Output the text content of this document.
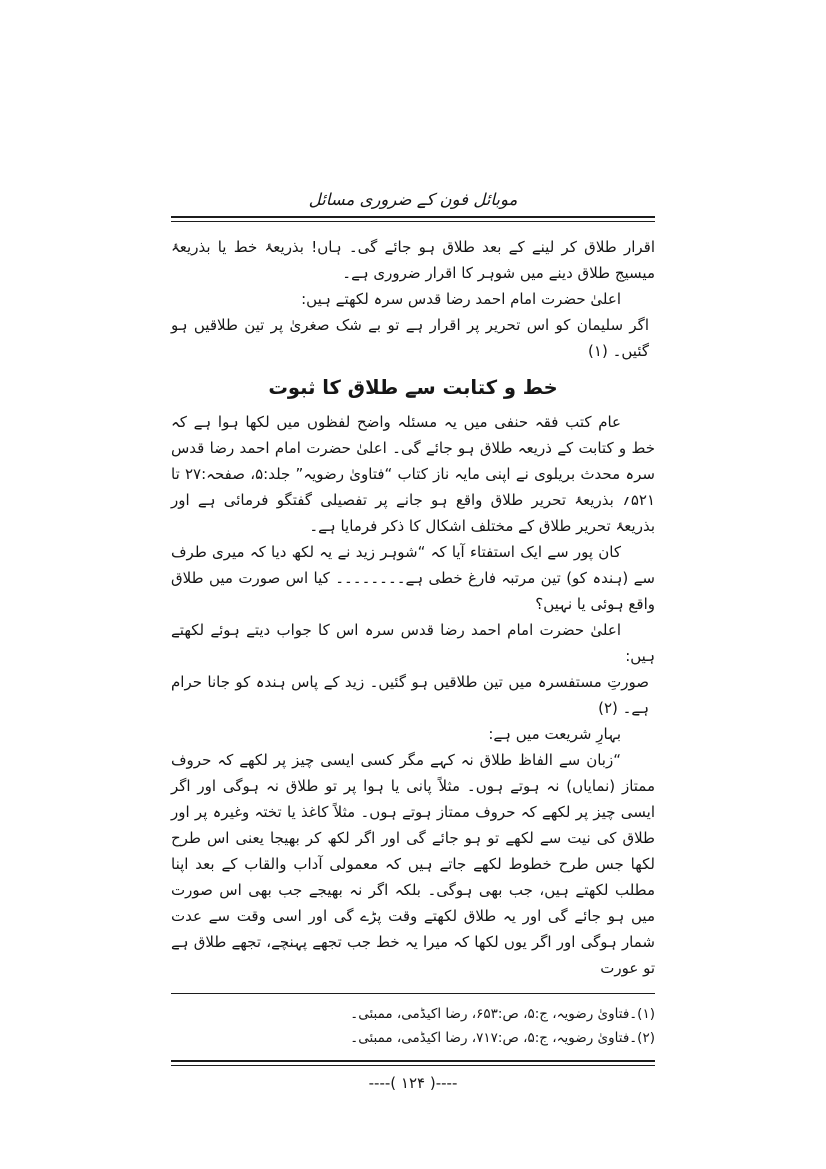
موبائل فون کے ضروری مسائل

اقرار طلاق کر لینے کے بعد طلاق ہو جائے گی۔ ہاں! بذریعۂ خط یا بذریعۂ میسیج طلاق دینے میں شوہر کا اقرار ضروری ہے۔

اعلیٰ حضرت امام احمد رضا قدس سرہ لکھتے ہیں:

اگر سلیمان کو اس تحریر پر اقرار ہے تو بے شک صغریٰ پر تین طلاقیں ہو گئیں۔ (۱)

خط و کتابت سے طلاق کا ثبوت

عام کتب فقہ حنفی میں یہ مسئلہ واضح لفظوں میں لکھا ہوا ہے کہ خط و کتابت کے ذریعہ طلاق ہو جائے گی۔ اعلیٰ حضرت امام احمد رضا قدس سرہ محدث بریلوی نے اپنی مایہ ناز کتاب “فتاویٰ رضویہ” جلد:۵، صفحہ:۲۷ تا ۵۲۱؍ بذریعۂ تحریر طلاق واقع ہو جانے پر تفصیلی گفتگو فرمائی ہے اور بذریعۂ تحریر طلاق کے مختلف اشکال کا ذکر فرمایا ہے۔

کان پور سے ایک استفتاء آیا کہ “شوہر زید نے یہ لکھ دیا کہ میری طرف سے (ہندہ کو) تین مرتبہ فارغ خطی ہے۔۔۔۔۔۔۔۔ کیا اس صورت میں طلاق واقع ہوئی یا نہیں؟

اعلیٰ حضرت امام احمد رضا قدس سرہ اس کا جواب دیتے ہوئے لکھتے ہیں:

صورتِ مستفسرہ میں تین طلاقیں ہو گئیں۔ زید کے پاس ہندہ کو جانا حرام ہے۔ (۲)

بہارِ شریعت میں ہے:

“زبان سے الفاظ طلاق نہ کہے مگر کسی ایسی چیز پر لکھے کہ حروف ممتاز (نمایاں) نہ ہوتے ہوں۔ مثلاً پانی یا ہوا پر تو طلاق نہ ہوگی اور اگر ایسی چیز پر لکھے کہ حروف ممتاز ہوتے ہوں۔ مثلاً کاغذ یا تختہ وغیرہ پر اور طلاق کی نیت سے لکھے تو ہو جائے گی اور اگر لکھ کر بھیجا یعنی اس طرح لکھا جس طرح خطوط لکھے جاتے ہیں کہ معمولی آداب والقاب کے بعد اپنا مطلب لکھتے ہیں، جب بھی ہوگی۔ بلکہ اگر نہ بھیجے جب بھی اس صورت میں ہو جائے گی اور یہ طلاق لکھتے وقت پڑے گی اور اسی وقت سے عدت شمار ہوگی اور اگر یوں لکھا کہ میرا یہ خط جب تجھے پہنچے، تجھے طلاق ہے تو عورت

(۱)۔فتاویٰ رضویہ، ج:۵، ص:۶۵۳، رضا اکیڈمی، ممبئی۔

(۲)۔فتاویٰ رضویہ، ج:۵، ص:۷۱۷، رضا اکیڈمی، ممبئی۔

----( ۱۲۴ )----
